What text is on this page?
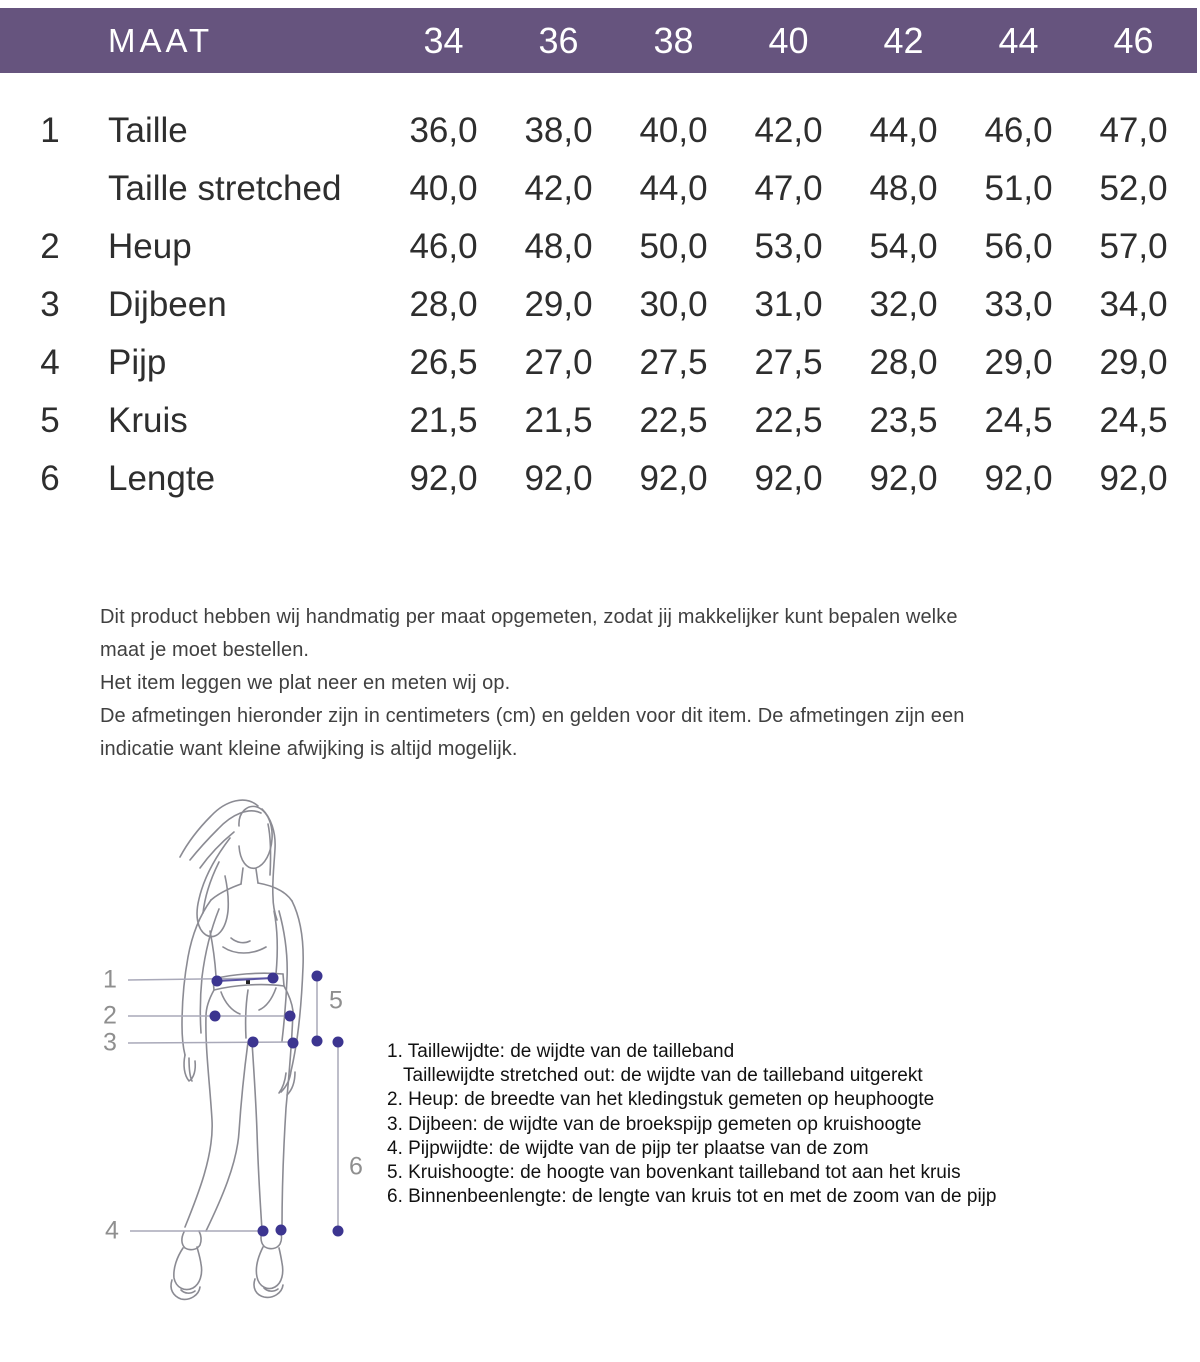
MAAT	34	36	38	40	42	44	46
1	Taille	36,0	38,0	40,0	42,0	44,0	46,0	47,0
Taille stretched	40,0	42,0	44,0	47,0	48,0	51,0	52,0
2	Heup	46,0	48,0	50,0	53,0	54,0	56,0	57,0
3	Dijbeen	28,0	29,0	30,0	31,0	32,0	33,0	34,0
4	Pijp	26,5	27,0	27,5	27,5	28,0	29,0	29,0
5	Kruis	21,5	21,5	22,5	22,5	23,5	24,5	24,5
6	Lengte	92,0	92,0	92,0	92,0	92,0	92,0	92,0

Dit product hebben wij handmatig per maat opgemeten, zodat jij makkelijker kunt bepalen welke maat je moet bestellen.

Het item leggen we plat neer en meten wij op.

De afmetingen hieronder zijn in centimeters (cm) en gelden voor dit item. De afmetingen zijn een indicatie want kleine afwijking is altijd mogelijk.

1
2
3
4
5
6
1. Taillewijdte: de wijdte van de tailleband
Taillewijdte stretched out: de wijdte van de tailleband uitgerekt
2. Heup: de breedte van het kledingstuk gemeten op heuphoogte
3. Dijbeen: de wijdte van de broekspijp gemeten op kruishoogte
4. Pijpwijdte: de wijdte van de pijp ter plaatse van de zom
5. Kruishoogte: de hoogte van bovenkant tailleband tot aan het kruis
6. Binnenbeenlengte: de lengte van kruis tot en met de zoom van de pijp
